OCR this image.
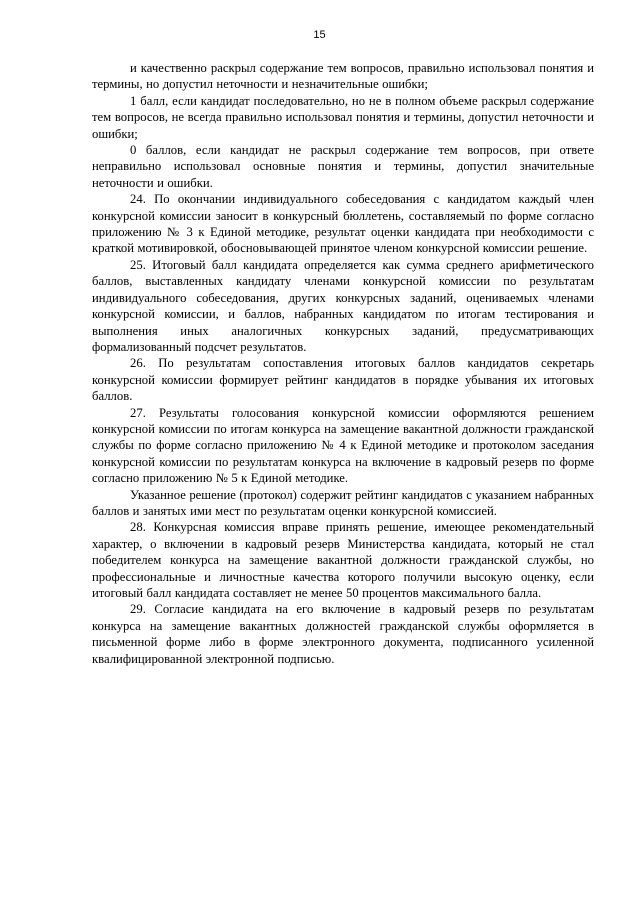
15

и качественно раскрыл содержание тем вопросов, правильно использовал понятия и термины, но допустил неточности и незначительные ошибки;

1 балл, если кандидат последовательно, но не в полном объеме раскрыл содержание тем вопросов, не всегда правильно использовал понятия и термины, допустил неточности и ошибки;

0 баллов, если кандидат не раскрыл содержание тем вопросов, при ответе неправильно использовал основные понятия и термины, допустил значительные неточности и ошибки.

24. По окончании индивидуального собеседования с кандидатом каждый член конкурсной комиссии заносит в конкурсный бюллетень, составляемый по форме согласно приложению № 3 к Единой методике, результат оценки кандидата при необходимости с краткой мотивировкой, обосновывающей принятое членом конкурсной комиссии решение.

25. Итоговый балл кандидата определяется как сумма среднего арифметического баллов, выставленных кандидату членами конкурсной комиссии по результатам индивидуального собеседования, других конкурсных заданий, оцениваемых членами конкурсной комиссии, и баллов, набранных кандидатом по итогам тестирования и выполнения иных аналогичных конкурсных заданий, предусматривающих формализованный подсчет результатов.

26. По результатам сопоставления итоговых баллов кандидатов секретарь конкурсной комиссии формирует рейтинг кандидатов в порядке убывания их итоговых баллов.

27. Результаты голосования конкурсной комиссии оформляются решением конкурсной комиссии по итогам конкурса на замещение вакантной должности гражданской службы по форме согласно приложению № 4 к Единой методике и протоколом заседания конкурсной комиссии по результатам конкурса на включение в кадровый резерв по форме согласно приложению № 5 к Единой методике.

Указанное решение (протокол) содержит рейтинг кандидатов с указанием набранных баллов и занятых ими мест по результатам оценки конкурсной комиссией.

28. Конкурсная комиссия вправе принять решение, имеющее рекомендательный характер, о включении в кадровый резерв Министерства кандидата, который не стал победителем конкурса на замещение вакантной должности гражданской службы, но профессиональные и личностные качества которого получили высокую оценку, если итоговый балл кандидата составляет не менее 50 процентов максимального балла.

29. Согласие кандидата на его включение в кадровый резерв по результатам конкурса на замещение вакантных должностей гражданской службы оформляется в письменной форме либо в форме электронного документа, подписанного усиленной квалифицированной электронной подписью.
